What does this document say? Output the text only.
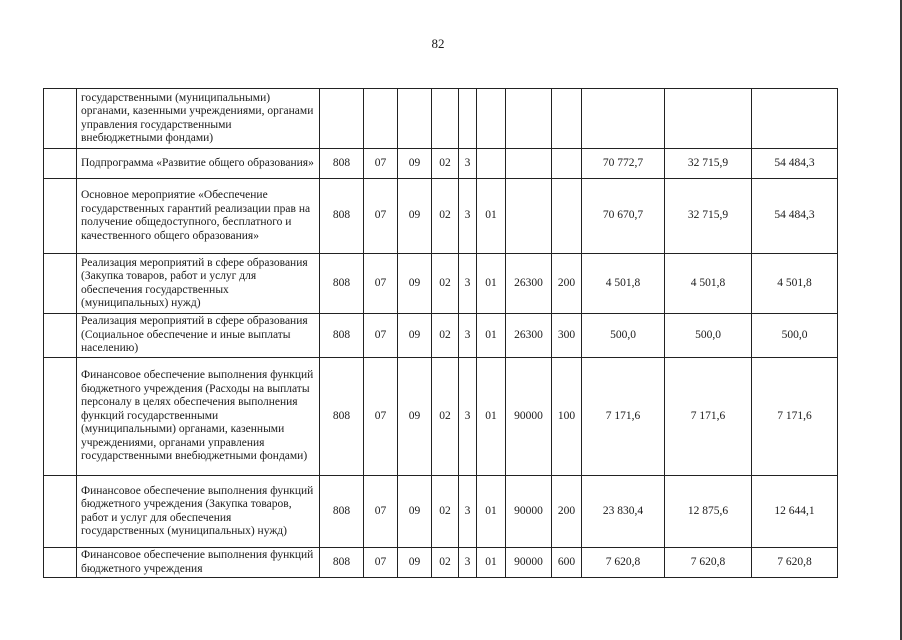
82
	государственными (муниципальными) органами, казенными учреждениями, органами управления государственными внебюджетными фондами)											
	Подпрограмма «Развитие общего образования»	808	07	09	02	3				70 772,7	32 715,9	54 484,3
	Основное мероприятие «Обеспечение государственных гарантий реализации прав на получение общедоступного, бесплатного и качественного общего образования»	808	07	09	02	3	01			70 670,7	32 715,9	54 484,3
	Реализация мероприятий в сфере образования (Закупка товаров, работ и услуг для обеспечения государственных (муниципальных) нужд)	808	07	09	02	3	01	26300	200	4 501,8	4 501,8	4 501,8
	Реализация мероприятий в сфере образования (Социальное обеспечение и иные выплаты населению)	808	07	09	02	3	01	26300	300	500,0	500,0	500,0
	Финансовое обеспечение выполнения функций бюджетного учреждения (Расходы на выплаты персоналу в целях обеспечения выполнения функций государственными (муниципальными) органами, казенными учреждениями, органами управления государственными внебюджетными фондами)	808	07	09	02	3	01	90000	100	7 171,6	7 171,6	7 171,6
	Финансовое обеспечение выполнения функций бюджетного учреждения (Закупка товаров, работ и услуг для обеспечения государственных (муниципальных) нужд)	808	07	09	02	3	01	90000	200	23 830,4	12 875,6	12 644,1
	Финансовое обеспечение выполнения функций бюджетного учреждения	808	07	09	02	3	01	90000	600	7 620,8	7 620,8	7 620,8
